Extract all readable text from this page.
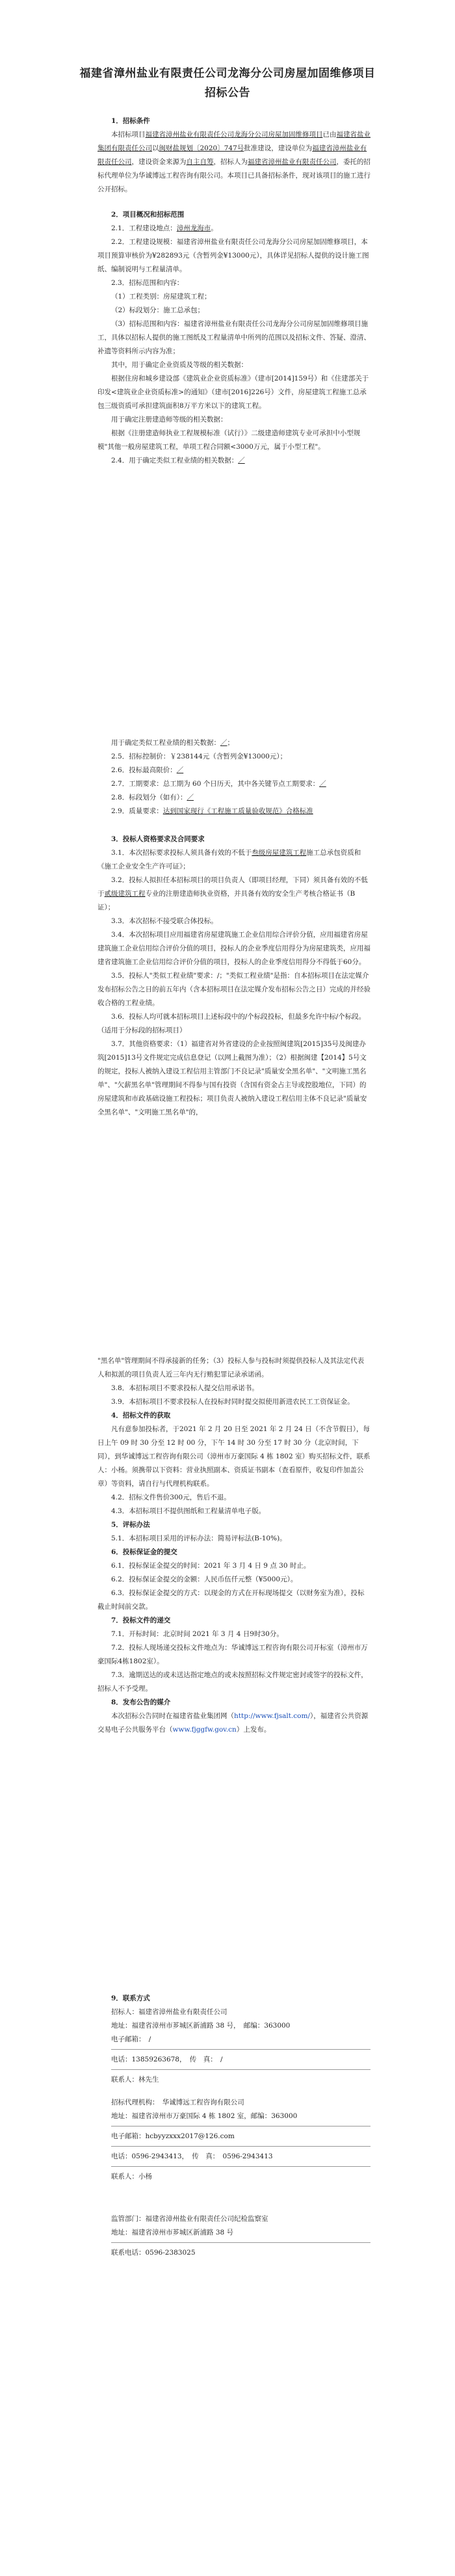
福建省漳州盐业有限责任公司龙海分公司房屋加固维修项目
招标公告

1．招标条件

本招标项目福建省漳州盐业有限责任公司龙海分公司房屋加固维修项目已由福建省盐业集团有限责任公司以闽财盐规划〔2020〕747号批准建设，建设单位为福建省漳州盐业有限责任公司，建设资金来源为自主自筹，招标人为福建省漳州盐业有限责任公司，委托的招标代理单位为华诚博远工程咨询有限公司。本项目已具备招标条件，现对该项目的施工进行公开招标。

2．项目概况和招标范围

2.1．工程建设地点：漳州龙海市。

2.2．工程建设规模：福建省漳州盐业有限责任公司龙海分公司房屋加固维修项目，本项目预算审核价为¥282893元（含暂列金¥13000元），具体详见招标人提供的设计施工图纸、编制说明与工程量清单。

2.3．招标范围和内容：

（1）工程类别：房屋建筑工程；

（2）标段划分：施工总承包；

（3）招标范围和内容：福建省漳州盐业有限责任公司龙海分公司房屋加固维修项目施工，具体以招标人提供的施工图纸及工程量清单中所列的范围以及招标文件、答疑、澄清、补遗等资料所示内容为准；

其中，用于确定企业资质及等级的相关数据：

根据住房和城乡建设部《建筑业企业资质标准》（建市[2014]159号）和《住建部关于印发<建筑业企业资质标准>的通知》（建市[2016]226号）文件，房屋建筑工程施工总承包三级资质可承担建筑面积8万平方米以下的建筑工程。

用于确定注册建造师等级的相关数据：

根据《注册建造师执业工程规模标准（试行）》二级建造师建筑专业可承担中小型规模"其他一般房屋建筑工程，单项工程合同额<3000万元，属于小型工程"。

2.4．用于确定类似工程业绩的相关数据：／

用于确定类似工程业绩的相关数据：／；

2.5．招标控制价：￥238144元（含暂列金¥13000元）；

2.6．投标最高限价：／

2.7．工期要求：总工期为 60 个日历天，其中各关键节点工期要求：／

2.8．标段划分（如有）：／

2.9．质量要求：达到国家现行《工程施工质量验收规范》合格标准

3．投标人资格要求及合同要求

3.1．本次招标要求投标人须具备有效的不低于叁级房屋建筑工程施工总承包资质和《施工企业安全生产许可证》；

3.2．投标人拟担任本招标项目的项目负责人（即项目经理，下同）须具备有效的不低于贰级建筑工程专业的注册建造师执业资格，并具备有效的安全生产考核合格证书（B证）；

3.3．本次招标不接受联合体投标。

3.4．本次招标项目应用福建省房屋建筑施工企业信用综合评价分值，应用福建省房屋建筑施工企业信用综合评价分值的项目，投标人的企业季度信用得分为房屋建筑类，应用福建省建筑施工企业信用综合评价分值的项目，投标人的企业季度信用得分不得低于60分。

3.5．投标人"类似工程业绩"要求：/；"类似工程业绩"是指：自本招标项目在法定媒介发布招标公告之日的前五年内（含本招标项目在法定媒介发布招标公告之日）完成的并经验收合格的工程业绩。

3.6．投标人均可就本招标项目上述标段中的/个标段投标，但最多允许中标/个标段。（适用于分标段的招标项目）

3.7．其他资格要求：（1）福建省对外省建设的企业按照闽建筑[2015]35号及闽建办筑[2015]13号文件规定完成信息登记（以网上截图为准）；（2）根据闽建【2014】5号文的规定，投标人被纳入建设工程信用主管部门不良记录"质量安全黑名单"、"文明施工黑名单"、"欠薪黑名单"管理期间不得参与国有投资（含国有资金占主导或控股地位，下同）的房屋建筑和市政基础设施工程投标；项目负责人被纳入建设工程信用主体不良记录"质量安全黑名单"、"文明施工黑名单"的，

"黑名单"管理期间不得承接新的任务；（3）投标人参与投标时须提供投标人及其法定代表人和拟派的项目负责人近三年内无行贿犯罪记录承诺函。

3.8．本招标项目不要求投标人提交信用承诺书。

3.9．本招标项目不要求投标人在投标时同时提交拟使用新进农民工工资保证金。

4．招标文件的获取

凡有意参加投标者，于2021 年 2 月 20 日至 2021 年 2 月 24 日（不含节假日），每日上午 09 时 30 分至 12 时 00 分，下午 14 时 30 分至 17 时 30 分（北京时间，下同），到华诚博远工程咨询有限公司（漳州市万豪国际 4 栋 1802 室）购买招标文件，联系人：小杨。须携带以下资料：营业执照副本、资质证书副本（查看原件，收复印件加盖公章）等资料，请自行与代理机构联系。

4.2．招标文件售价300元，售后不退。

4.3．本招标项目不提供图纸和工程量清单电子版。

5．评标办法

5.1．本招标项目采用的评标办法：简易评标法(B-10%)。

6．投标保证金的提交

6.1．投标保证金提交的时间：2021 年 3 月 4 日 9 点 30 时止。

6.2．投标保证金提交的金额：人民币伍仟元整（¥5000元）。

6.3．投标保证金提交的方式：以现金的方式在开标现场提交（以财务室为准），投标截止时间前交款。

7．投标文件的递交

7.1．开标时间：北京时间 2021 年 3 月 4 日9时30分。

7.2．投标人现场递交投标文件地点为：华诚博远工程咨询有限公司开标室（漳州市万豪国际4栋1802室）。

7.3．逾期送达的或未送达指定地点的或未按照招标文件规定密封或签字的投标文件，招标人不予受理。

8．发布公告的媒介

本次招标公告同时在福建省盐业集团网（http://www.fjsalt.com/），福建省公共资源交易电子公共服务平台（www.fjggfw.gov.cn）上发布。

9．联系方式

招标人：福建省漳州盐业有限责任公司

地址：福建省漳州市芗城区新浦路 38 号，　邮编：363000

电子邮箱：　/

电话：13859263678，　传　真：　/

联系人：林先生

招标代理机构：　华诚博远工程咨询有限公司

地址：福建省漳州市万豪国际 4 栋 1802 室，邮编：363000

电子邮箱：hcbyyzxxx2017@126.com

电话：0596-2943413，　传　真：　0596-2943413

联系人：小杨

监管部门：福建省漳州盐业有限责任公司纪检监察室

地址：福建省漳州市芗城区新浦路 38 号

联系电话：0596-2383025
